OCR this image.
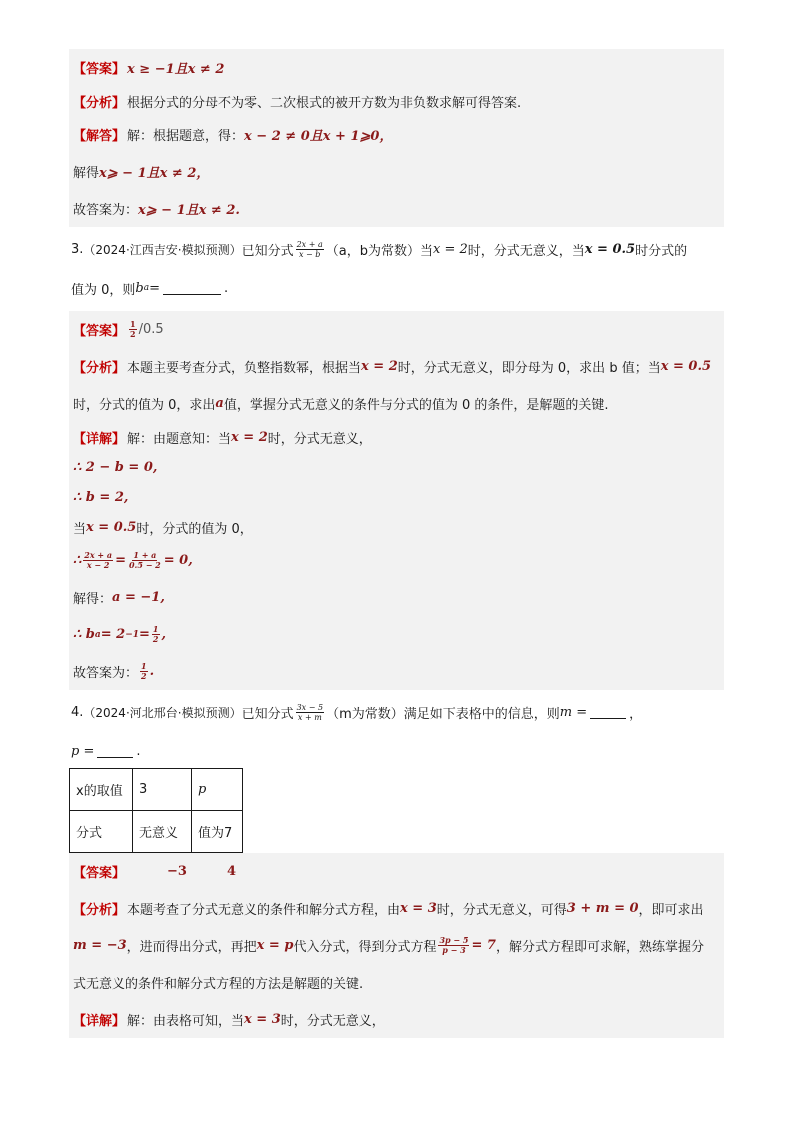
【答案】 x ≥ −1且x ≠ 2
【分析】 根据分式的分母不为零、二次根式的被开方数为非负数求解可得答案.
【解答】 解：根据题意，得： x − 2 ≠ 0且x + 1⩾0，
解得 x⩾ − 1且x ≠ 2，
故答案为： x⩾ − 1且x ≠ 2.
3. （2024·江西吉安·模拟预测） 已知分式 $\frac{2x + a}{x - b} (a$，b为常数）当 x = 2 时，分式无意义，当 x = 0.5 时分式的
值为 0，则 b a =	.
【答案】 $\frac{1}{2} /0.5$
【分析】 本题主要考查分式，负整指数幂，根据当 x = 2 时，分式无意义，即分母为 0，求出 b 值；当 x = 0.5
时，分式的值为 0，求出 a 值，掌握分式无意义的条件与分式的值为 0 的条件，是解题的关键.
【详解】 解：由题意知：当 x = 2 时，分式无意义，
∴ 2 − b = 0,
∴ b = 2,
当 x = 0.5 时，分式的值为 0，
∴ $\frac{2x + a}{x - 2} = \frac{1 + a}{0.5 - 2} = 0$,
解得： a = −1,
∴ b $a = 2 -1 = \frac{1}{2}$ ,
故答案为： $\frac{1}{2}$ .
4. （2024·河北邢台·模拟预测） 已知分式 $\frac{3x - 5}{x + m} (m$为常数）满足如下表格中的信息，则 m =	，
p =	.
x的取值	3	p
分式	无意义	值为7
【答案】	−3	4
【分析】 本题考查了分式无意义的条件和解分式方程，由 x = 3 时，分式无意义，可得 3 + m = 0 ，即可求出
m = −3 ，进而得出分式，再把 x = p 代入分式，得到分式方程 $\frac{3p - 5}{p - 3} = 7$ ，解分式方程即可求解，熟练掌握分
式无意义的条件和解分式方程的方法是解题的关键.
【详解】 解：由表格可知，当 x = 3 时，分式无意义，
